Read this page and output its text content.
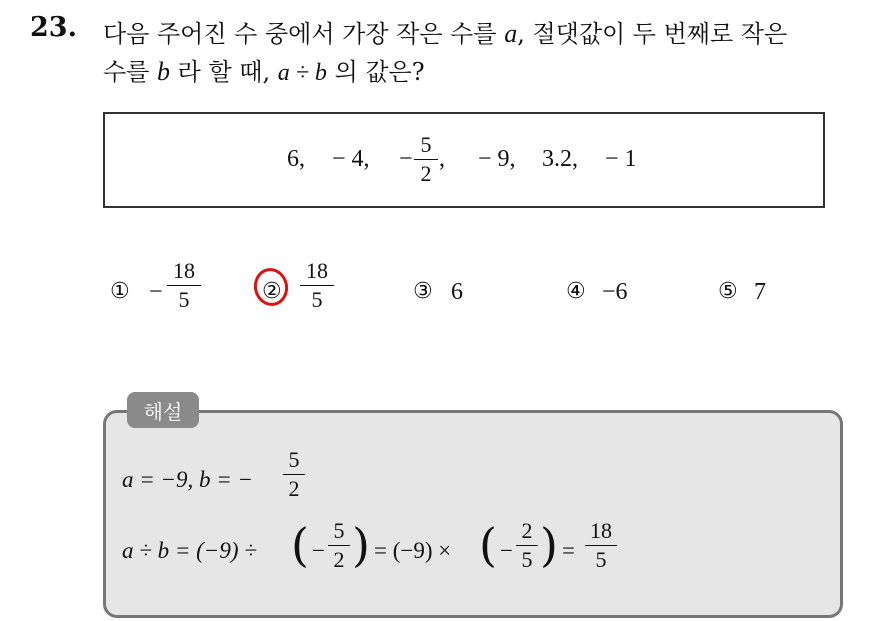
23. 다음 주어진 수 중에서 가장 작은 수를 a, 절댓값이 두 번째로 작은
수를 b 라 할 때, a ÷ b 의 값은?
6, − 4, −
5
2
, − 9, 3.2, − 1
① −
18
5	②
18
5	③ 6	④ −6	⑤ 7
해설
a = −9, b = −
5
2
a ÷ b = (−9) ÷ ( −
5
2 ) = (−9) × ( −
2
5 ) =
18
5
